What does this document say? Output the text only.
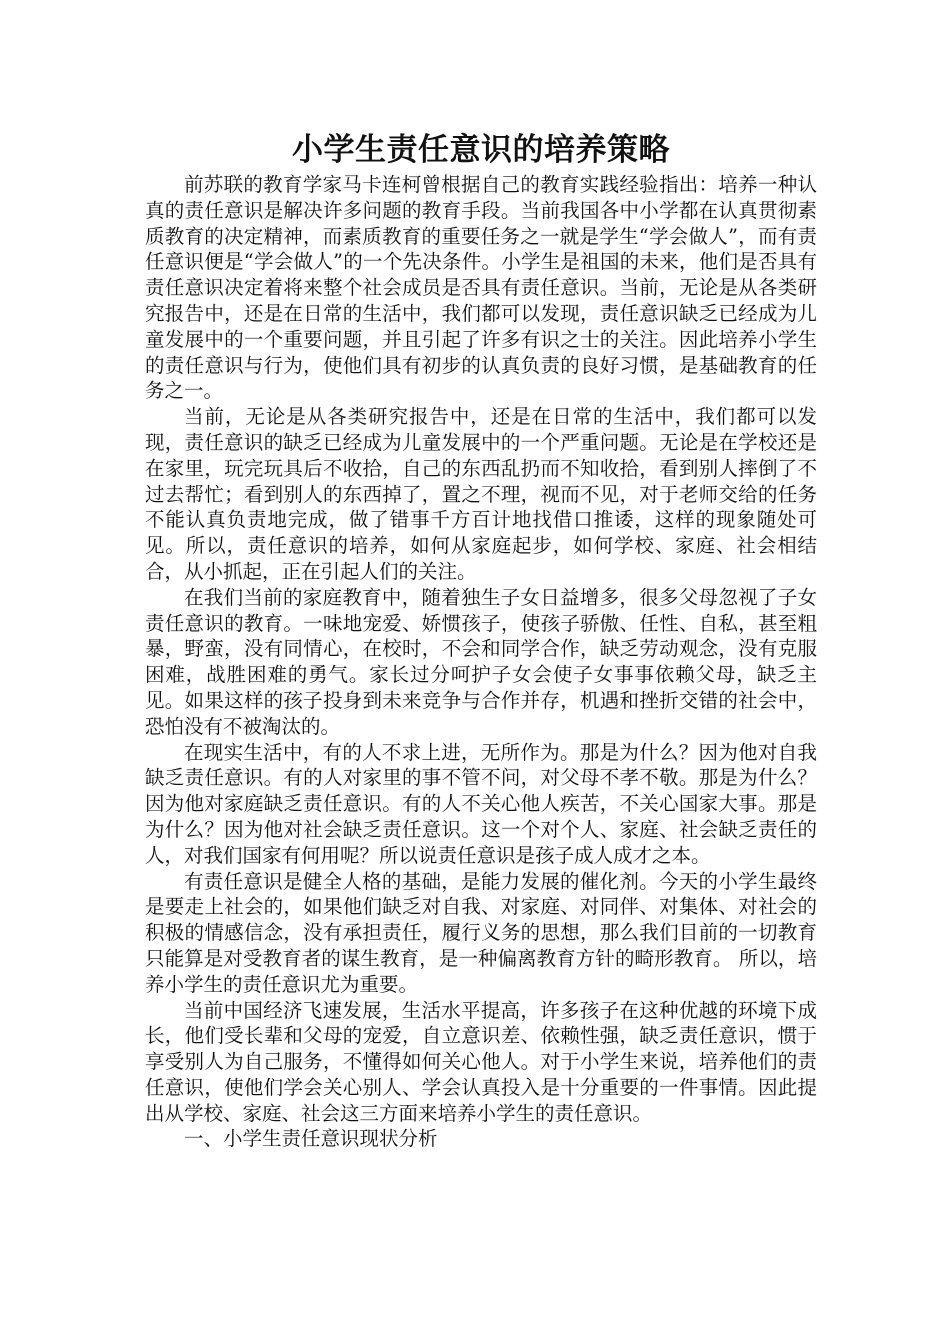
小学生责任意识的培养策略

前苏联的教育学家马卡连柯曾根据自己的教育实践经验指出：培养一种认真的责任意识是解决许多问题的教育手段。当前我国各中小学都在认真贯彻素质教育的决定精神，而素质教育的重要任务之一就是学生“学会做人”，而有责任意识便是“学会做人”的一个先决条件。小学生是祖国的未来，他们是否具有责任意识决定着将来整个社会成员是否具有责任意识。当前，无论是从各类研究报告中，还是在日常的生活中，我们都可以发现，责任意识缺乏已经成为儿童发展中的一个重要问题，并且引起了许多有识之士的关注。因此培养小学生的责任意识与行为，使他们具有初步的认真负责的良好习惯，是基础教育的任务之一。

当前，无论是从各类研究报告中，还是在日常的生活中，我们都可以发现，责任意识的缺乏已经成为儿童发展中的一个严重问题。无论是在学校还是在家里，玩完玩具后不收拾，自己的东西乱扔而不知收拾，看到别人摔倒了不过去帮忙；看到别人的东西掉了，置之不理，视而不见，对于老师交给的任务不能认真负责地完成，做了错事千方百计地找借口推诿，这样的现象随处可见。所以，责任意识的培养，如何从家庭起步，如何学校、家庭、社会相结合，从小抓起，正在引起人们的关注。

在我们当前的家庭教育中，随着独生子女日益增多，很多父母忽视了子女责任意识的教育。一味地宠爱、娇惯孩子，使孩子骄傲、任性、自私，甚至粗暴，野蛮，没有同情心，在校时，不会和同学合作，缺乏劳动观念，没有克服困难，战胜困难的勇气。家长过分呵护子女会使子女事事依赖父母，缺乏主见。如果这样的孩子投身到未来竞争与合作并存，机遇和挫折交错的社会中，恐怕没有不被淘汰的。

在现实生活中，有的人不求上进，无所作为。那是为什么？因为他对自我缺乏责任意识。有的人对家里的事不管不问，对父母不孝不敬。那是为什么？因为他对家庭缺乏责任意识。有的人不关心他人疾苦，不关心国家大事。那是为什么？因为他对社会缺乏责任意识。这一个对个人、家庭、社会缺乏责任的人，对我们国家有何用呢？所以说责任意识是孩子成人成才之本。

有责任意识是健全人格的基础，是能力发展的催化剂。今天的小学生最终是要走上社会的，如果他们缺乏对自我、对家庭、对同伴、对集体、对社会的积极的情感信念，没有承担责任，履行义务的思想，那么我们目前的一切教育只能算是对受教育者的谋生教育，是一种偏离教育方针的畸形教育。 所以，培养小学生的责任意识尤为重要。

当前中国经济飞速发展，生活水平提高，许多孩子在这种优越的环境下成长，他们受长辈和父母的宠爱，自立意识差、依赖性强，缺乏责任意识，惯于享受别人为自己服务，不懂得如何关心他人。对于小学生来说，培养他们的责任意识，使他们学会关心别人、学会认真投入是十分重要的一件事情。因此提出从学校、家庭、社会这三方面来培养小学生的责任意识。

一、小学生责任意识现状分析
